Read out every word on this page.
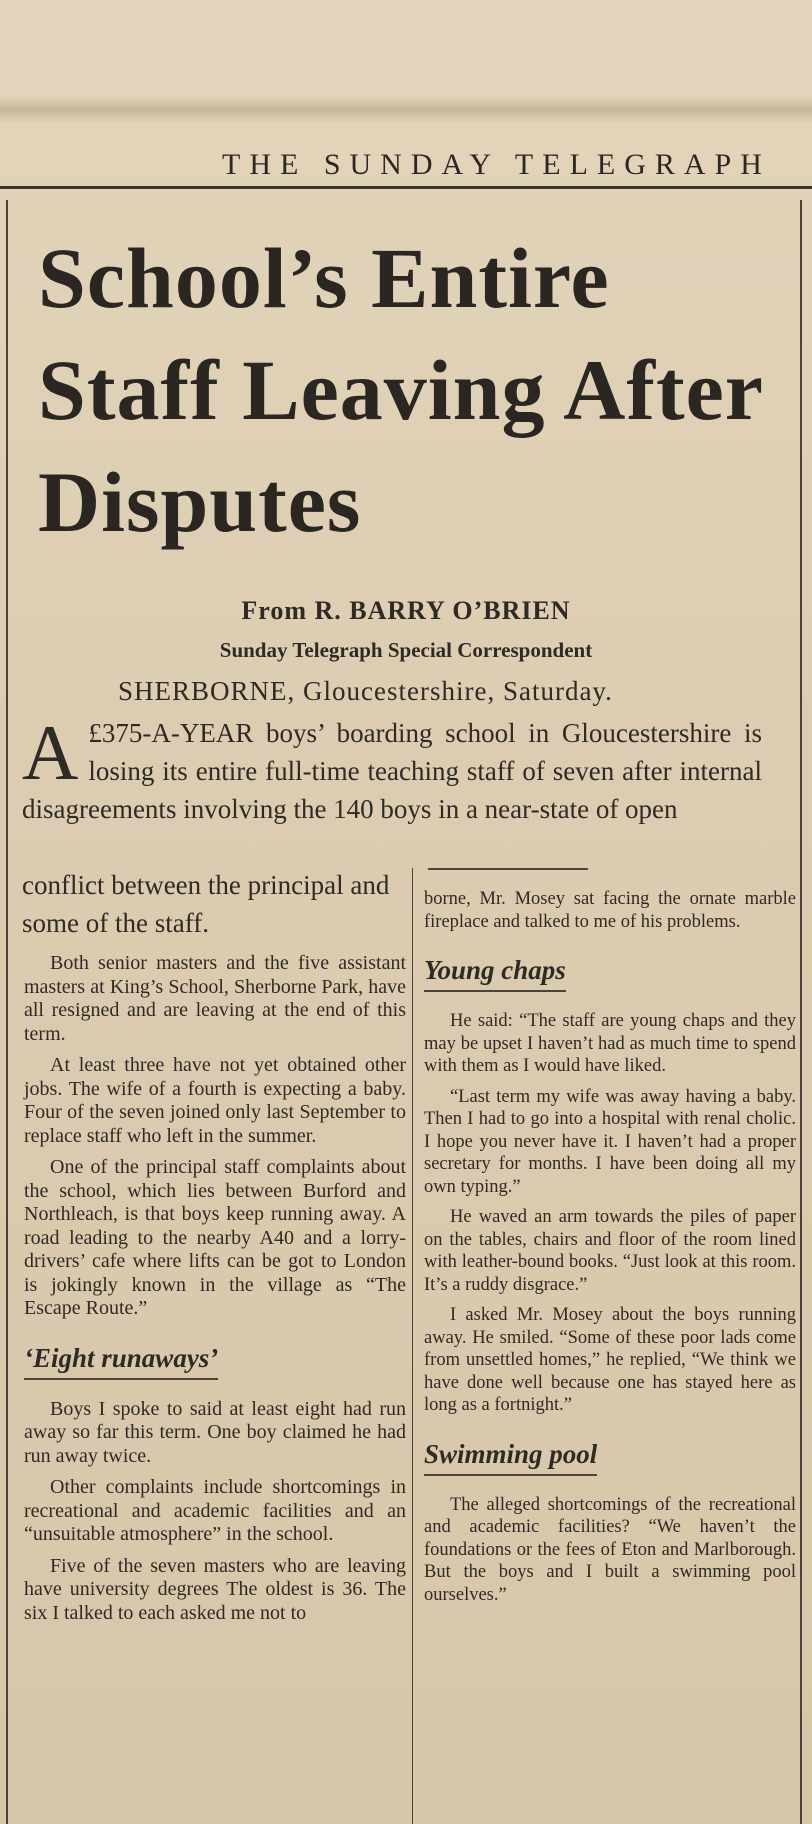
THE SUNDAY TELEGRAPH
School’s Entire Staff Leaving After Disputes
From R. BARRY O’BRIEN
Sunday Telegraph Special Correspondent
SHERBORNE, Gloucestershire, Saturday.
A £375-A-YEAR boys’ boarding school in Gloucestershire is losing its entire full-time teaching staff of seven after internal disagreements involving the 140 boys in a near-state of open
conflict between the principal and some of the staff.

Both senior masters and the five assistant masters at King’s School, Sherborne Park, have all resigned and are leaving at the end of this term.

At least three have not yet obtained other jobs. The wife of a fourth is expecting a baby. Four of the seven joined only last September to replace staff who left in the summer.

One of the principal staff complaints about the school, which lies between Burford and Northleach, is that boys keep running away. A road leading to the nearby A40 and a lorry-drivers’ cafe where lifts can be got to London is jokingly known in the village as “The Escape Route.”

‘Eight runaways’

Boys I spoke to said at least eight had run away so far this term. One boy claimed he had run away twice.

Other complaints include shortcomings in recreational and academic facilities and an “unsuitable atmosphere” in the school.

Five of the seven masters who are leaving have university degrees The oldest is 36. The six I talked to each asked me not to

borne, Mr. Mosey sat facing the ornate marble fireplace and talked to me of his problems.

Young chaps

He said: “The staff are young chaps and they may be upset I haven’t had as much time to spend with them as I would have liked.

“Last term my wife was away having a baby. Then I had to go into a hospital with renal cholic. I hope you never have it. I haven’t had a proper secretary for months. I have been doing all my own typing.”

He waved an arm towards the piles of paper on the tables, chairs and floor of the room lined with leather-bound books. “Just look at this room. It’s a ruddy disgrace.”

I asked Mr. Mosey about the boys running away. He smiled. “Some of these poor lads come from unsettled homes,” he replied, “We think we have done well because one has stayed here as long as a fortnight.”

Swimming pool

The alleged shortcomings of the recreational and academic facilities? “We haven’t the foundations or the fees of Eton and Marlborough. But the boys and I built a swimming pool ourselves.”
